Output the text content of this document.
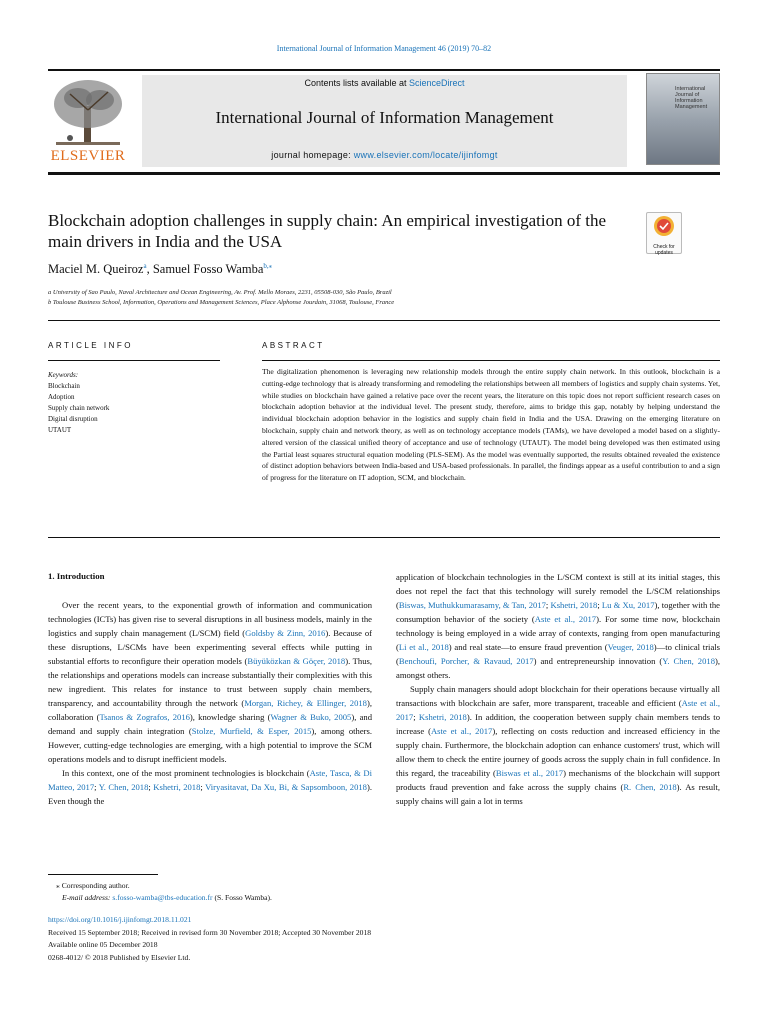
International Journal of Information Management 46 (2019) 70–82
ELSEVIER
Contents lists available at ScienceDirect
International Journal of Information Management
journal homepage: www.elsevier.com/locate/ijinfomgt
International Journal of Information Management
Blockchain adoption challenges in supply chain: An empirical investigation of the main drivers in India and the USA	Check for updates
Maciel M. Queiroz$^a$, Samuel Fosso Wamba$^{b,⁎}$
a University of Sao Paulo, Naval Architecture and Ocean Engineering, Av. Prof. Mello Moraes, 2231, 05508-030, São Paulo, Brazil
b Toulouse Business School, Information, Operations and Management Sciences, Place Alphonse Jourdain, 31068, Toulouse, France
ARTICLE INFO
Keywords:
Blockchain
Adoption
Supply chain network
Digital disruption
UTAUT
ABSTRACT
The digitalization phenomenon is leveraging new relationship models through the entire supply chain network. In this outlook, blockchain is a cutting-edge technology that is already transforming and remodeling the relationships between all members of logistics and supply chain systems. Yet, while studies on blockchain have gained a relative pace over the recent years, the literature on this topic does not report sufficient research cases on blockchain adoption behavior at the individual level. The present study, therefore, aims to bridge this gap, notably by helping understand the individual blockchain adoption behavior in the logistics and supply chain field in India and the USA. Drawing on the emerging literature on blockchain, supply chain and network theory, as well as on technology acceptance models (TAMs), we have developed a model based on a slightly-altered version of the classical unified theory of acceptance and use of technology (UTAUT). The model being developed was then estimated using the Partial least squares structural equation modeling (PLS-SEM). As the model was eventually supported, the results obtained revealed the existence of distinct adoption behaviors between India-based and USA-based professionals. In parallel, the findings appear as a useful contribution to and a sign of progress for the literature on IT adoption, SCM, and blockchain.
1. Introduction

Over the recent years, to the exponential growth of information and communication technologies (ICTs) has given rise to several disruptions in all business models, mainly in the logistics and supply chain management (L/SCM) field (Goldsby & Zinn, 2016). Because of these disruptions, L/SCMs have been experimenting several effects while putting in substantial efforts to reconfigure their operation models (Büyüközkan & Göçer, 2018). Thus, the relationships and operations models can increase substantially their complexities with this new ingredient. This relates for instance to trust between supply chain members, transparency, and accountability through the network (Morgan, Richey, & Ellinger, 2018), collaboration (Tsanos & Zografos, 2016), knowledge sharing (Wagner & Buko, 2005), and demand and supply chain integration (Stolze, Murfield, & Esper, 2015), among others. However, cutting-edge technologies are emerging, with a high potential to improve the SCM operations models and to disrupt inefficient models.

In this context, one of the most prominent technologies is blockchain (Aste, Tasca, & Di Matteo, 2017; Y. Chen, 2018; Kshetri, 2018; Viryasitavat, Da Xu, Bi, & Sapsomboon, 2018). Even though the

application of blockchain technologies in the L/SCM context is still at its initial stages, this does not repel the fact that this technology will surely remodel the L/SCM relationships (Biswas, Muthukkumarasamy, & Tan, 2017; Kshetri, 2018; Lu & Xu, 2017), together with the consumption behavior of the society (Aste et al., 2017). For some time now, blockchain technology is being employed in a wide array of contexts, ranging from open manufacturing (Li et al., 2018) and real state—to ensure fraud prevention (Veuger, 2018)—to clinical trials (Benchoufi, Porcher, & Ravaud, 2017) and entrepreneurship innovation (Y. Chen, 2018), amongst others.

Supply chain managers should adopt blockchain for their operations because virtually all transactions with blockchain are safer, more transparent, traceable and efficient (Aste et al., 2017; Kshetri, 2018). In addition, the cooperation between supply chain members tends to increase (Aste et al., 2017), reflecting on costs reduction and increased efficiency in the supply chain. Furthermore, the blockchain adoption can enhance customers' trust, which will allow them to check the entire journey of goods across the supply chain in full confidence. In this regard, the traceability (Biswas et al., 2017) mechanisms of the blockchain will support products fraud prevention and fake across the supply chains (R. Chen, 2018). As result, supply chains will gain a lot in terms

⁎ Corresponding author.
E-mail address: s.fosso-wamba@tbs-education.fr (S. Fosso Wamba).
https://doi.org/10.1016/j.ijinfomgt.2018.11.021
Received 15 September 2018; Received in revised form 30 November 2018; Accepted 30 November 2018
Available online 05 December 2018
0268-4012/ © 2018 Published by Elsevier Ltd.
